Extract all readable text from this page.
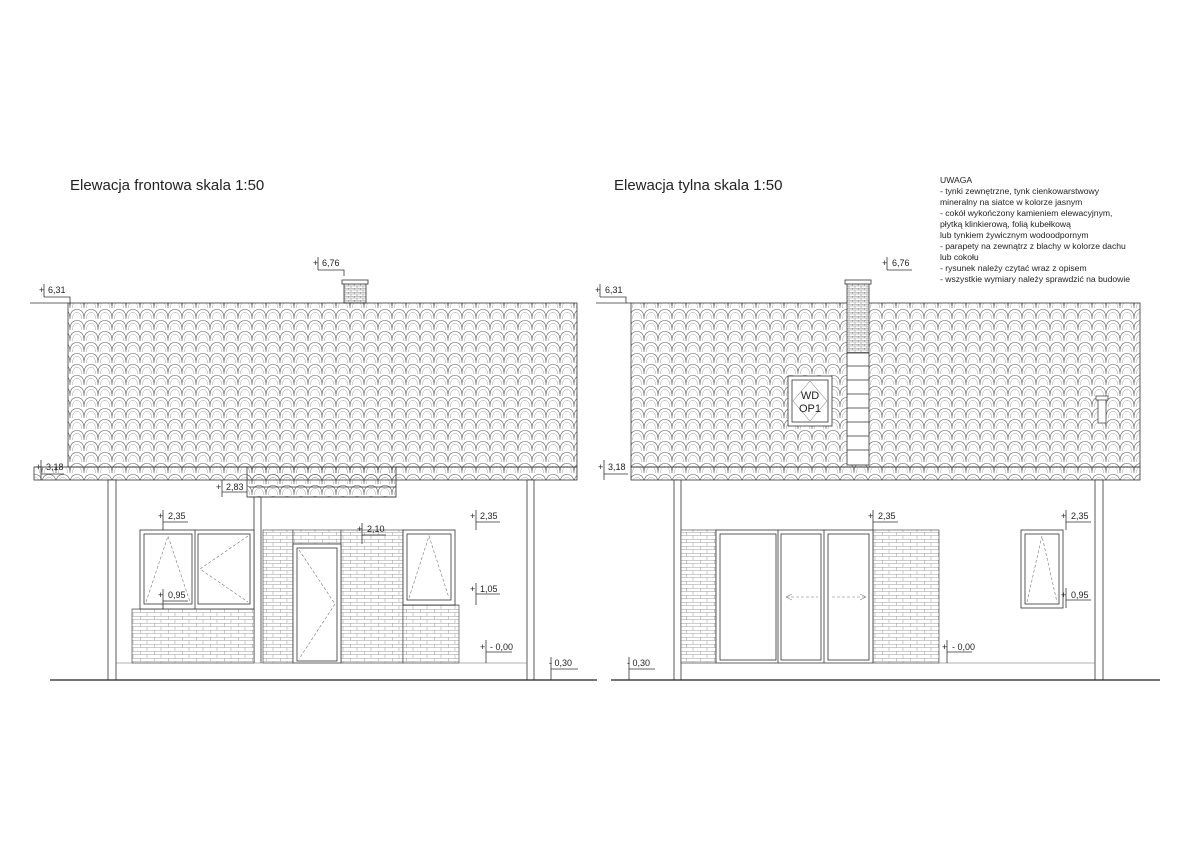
Elewacja frontowa skala 1:50
+ 6,76
+ 6,31
+ 3,18
+ 2,83
+ 2,35
+ 2,10
+ 2,35
+ 0,95
+ 1,05
+ - 0,00
- 0,30
Elewacja tylna skala 1:50
WD
OP1
+ 6,76
+ 6,31
+ 3,18
+ 2,35	+ 2,35
+ 0,95
+ - 0,00
- 0,30
UWAGA
- tynki zewnętrzne, tynk cienkowarstwowy
mineralny na siatce w kolorze jasnym
- cokół wykończony kamieniem elewacyjnym,
płytką klinkierową, folią kubełkową
lub tynkiem żywicznym wodoodpornym
- parapety na zewnątrz z blachy w kolorze dachu
lub cokołu
- rysunek należy czytać wraz z opisem
- wszystkie wymiary należy sprawdzić na budowie
